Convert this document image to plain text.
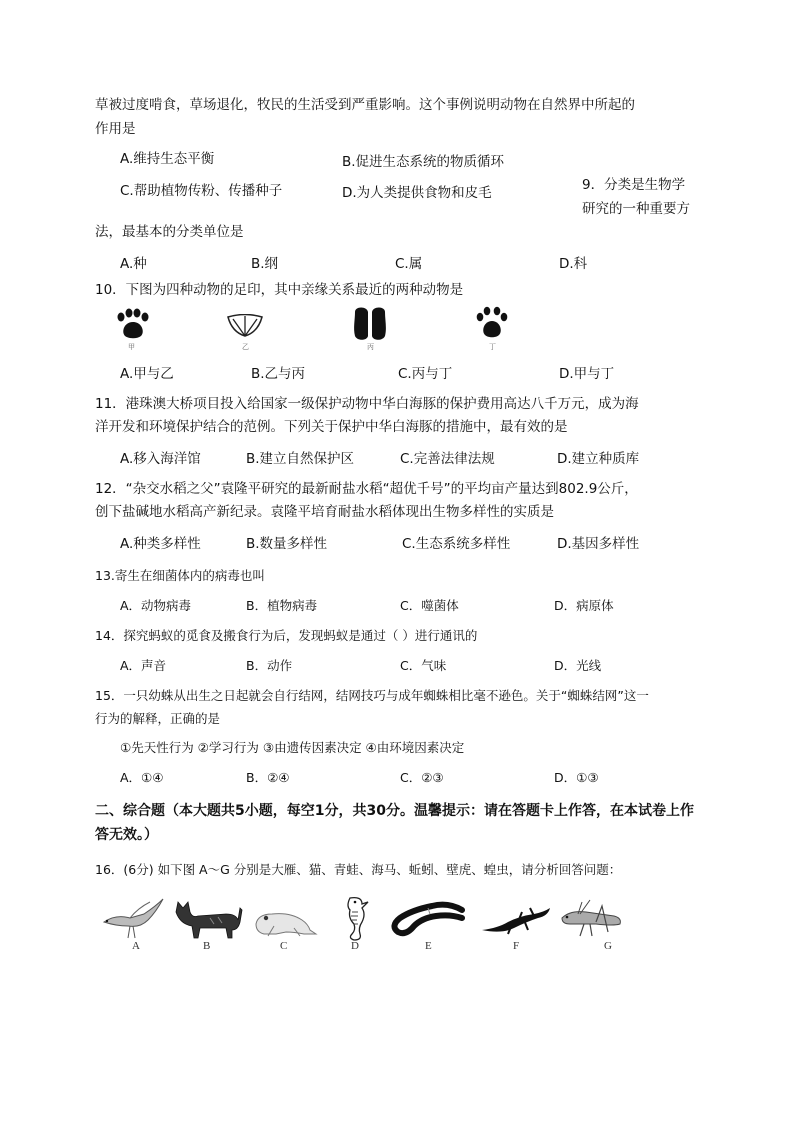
草被过度啃食，草场退化，牧民的生活受到严重影响。这个事例说明动物在自然界中所起的
作用是
A.维持生态平衡	B.促进生态系统的物质循环
C.帮助植物传粉、传播种子	D.为人类提供食物和皮毛	9．分类是生物学
研究的一种重要方
法，最基本的分类单位是
A.种	B.纲	C.属	D.科
10．下图为四种动物的足印，其中亲缘关系最近的两种动物是
甲	乙	丙	丁
A.甲与乙	B.乙与丙	C.丙与丁	D.甲与丁
11．港珠澳大桥项目投入给国家一级保护动物中华白海豚的保护费用高达八千万元，成为海
洋开发和环境保护结合的范例。下列关于保护中华白海豚的措施中，最有效的是
A.移入海洋馆	B.建立自然保护区	C.完善法律法规	D.建立种质库
12．“杂交水稻之父”袁隆平研究的最新耐盐水稻“超优千号”的平均亩产量达到802.9公斤，
创下盐碱地水稻高产新纪录。袁隆平培育耐盐水稻体现出生物多样性的实质是
A.种类多样性	B.数量多样性	C.生态系统多样性	D.基因多样性
13.寄生在细菌体内的病毒也叫
A．动物病毒	B．植物病毒	C．噬菌体	D．病原体
14．探究蚂蚁的觅食及搬食行为后，发现蚂蚁是通过（ ）进行通讯的
A．声音	B．动作	C．气味	D．光线
15．一只幼蛛从出生之日起就会自行结网，结网技巧与成年蜘蛛相比毫不逊色。关于“蜘蛛结网”这一
行为的解释，正确的是
①先天性行为 ②学习行为 ③由遗传因素决定 ④由环境因素决定
A．①④	B．②④	C．②③	D．①③
二、综合题（本大题共5小题，每空1分，共30分。温馨提示：请在答题卡上作答，在本试卷上作
答无效。）
16．(6分) 如下图 A～G 分别是大雁、猫、青蛙、海马、蚯蚓、壁虎、蝗虫，请分析回答问题：
A	B	C	D	E	F	G
